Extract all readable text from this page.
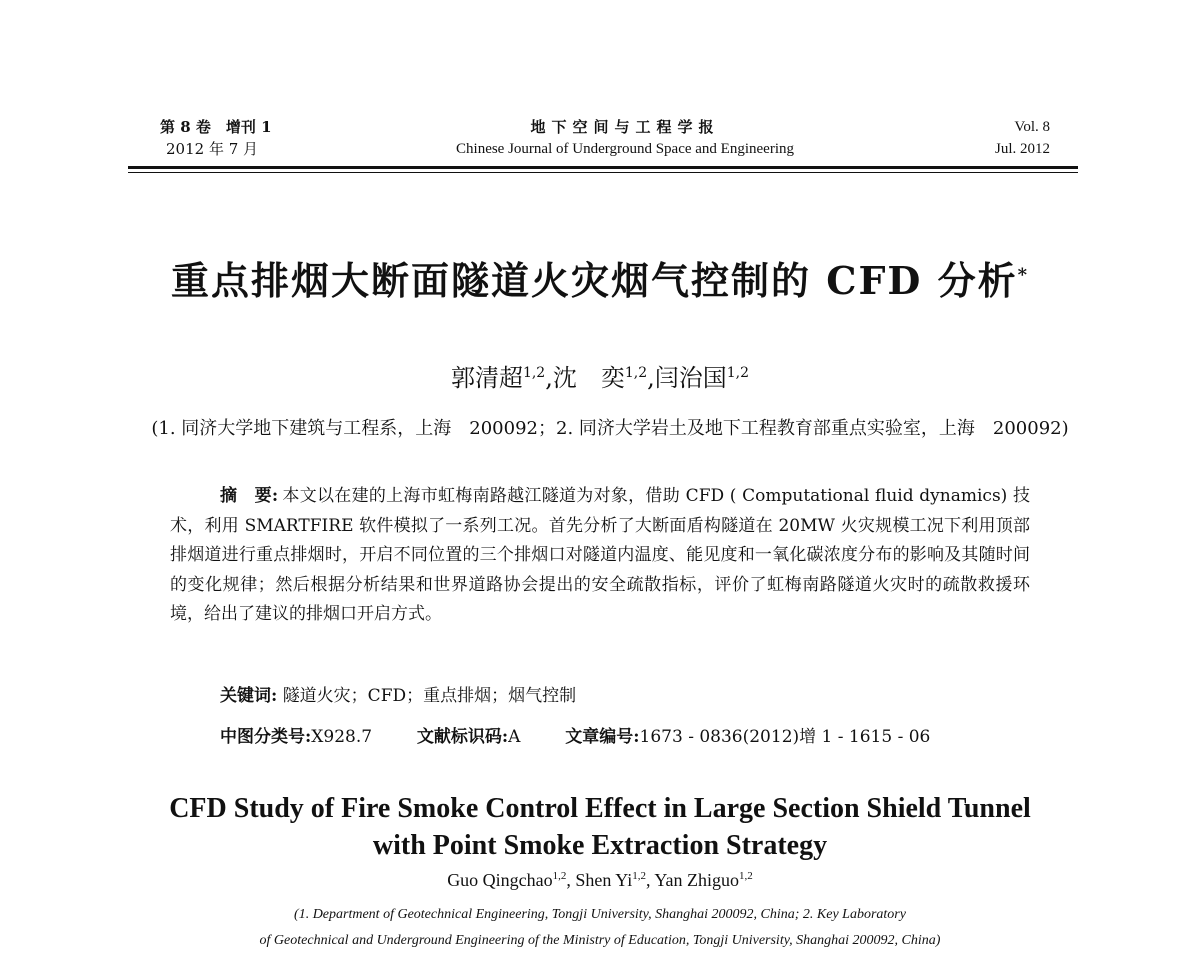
第 8 卷　增刊 1
2012 年 7 月
地下空间与工程学报
Chinese Journal of Underground Space and Engineering
Vol. 8
Jul. 2012
重点排烟大断面隧道火灾烟气控制的 CFD 分析*
郭清超$^{1,2}$,沈　奕$^{1,2}$,闫治国$^{1,2}$
(1. 同济大学地下建筑与工程系，上海　200092；2. 同济大学岩土及地下工程教育部重点实验室，上海　200092)
摘　要: 本文以在建的上海市虹梅南路越江隧道为对象，借助 CFD ( Computational fluid dynamics) 技术，利用 SMARTFIRE 软件模拟了一系列工况。首先分析了大断面盾构隧道在 20MW 火灾规模工况下利用顶部排烟道进行重点排烟时，开启不同位置的三个排烟口对隧道内温度、能见度和一氧化碳浓度分布的影响及其随时间的变化规律；然后根据分析结果和世界道路协会提出的安全疏散指标，评价了虹梅南路隧道火灾时的疏散救援环境，给出了建议的排烟口开启方式。
关键词: 隧道火灾；CFD；重点排烟；烟气控制
中图分类号:X928.7	文献标识码:A	文章编号:1673 - 0836(2012)增 1 - 1615 - 06
CFD Study of Fire Smoke Control Effect in Large Section Shield Tunnel
with Point Smoke Extraction Strategy
Guo Qingchao$^{1,2}$, Shen Yi$^{1,2}$, Yan Zhiguo$^{1,2}$
(1. Department of Geotechnical Engineering, Tongji University, Shanghai 200092, China; 2. Key Laboratory
of Geotechnical and Underground Engineering of the Ministry of Education, Tongji University, Shanghai 200092, China)
